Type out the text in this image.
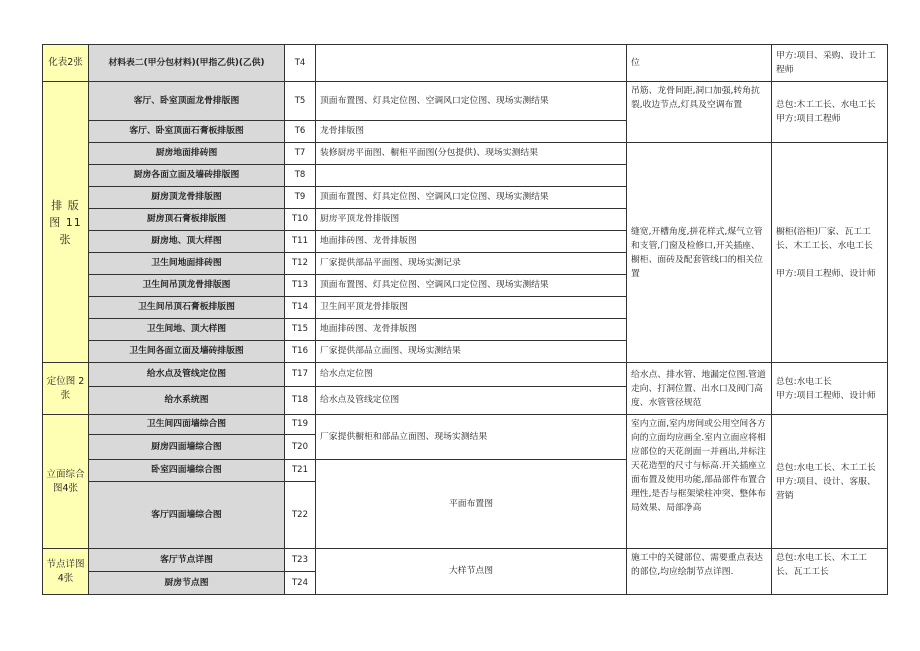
化表2张	材料表二(甲分包材料)(甲指乙供)(乙供)	T4		位	甲方:项目、采购、设计工程师
排 版 图 11 张	客厅、卧室顶面龙骨排版图	T5	顶面布置图、灯具定位图、空调风口定位图、现场实测结果	吊筋、龙骨间距,洞口加强,转角抗裂,收边节点,灯具及空调布置	总包:木工工长、水电工长
甲方:项目工程师

	客厅、卧室顶面石膏板排版图	T6	龙骨排版图		
	厨房地面排砖图	T7	装修厨房平面图、橱柜平面图(分包提供)、现场实测结果	缝宽,开槽角度,拼花样式,煤气立管和支管,门窗及检修口,开关插座、橱柜、面砖及配套管线口的相关位置	橱柜(浴柜)厂家、瓦工工长、木工工长、水电工长
甲方:项目工程师、设计师

	厨房各面立面及墙砖排版图	T8			
	厨房顶龙骨排版图	T9	顶面布置图、灯具定位图、空调风口定位图、现场实测结果		
	厨房顶石膏板排版图	T10	厨房平顶龙骨排版图		
	厨房地、顶大样图	T11	地面排砖图、龙骨排版图		
	卫生间地面排砖图	T12	厂家提供部品平面图、现场实测记录		
	卫生间吊顶龙骨排版图	T13	顶面布置图、灯具定位图、空调风口定位图、现场实测结果		
	卫生间吊顶石膏板排版图	T14	卫生间平顶龙骨排版图		
	卫生间地、顶大样图	T15	地面排砖图、龙骨排版图		
	卫生间各面立面及墙砖排版图	T16	厂家提供部品立面图、现场实测结果		
定位图 2张	给水点及管线定位图	T17	给水点定位图	给水点、排水管、地漏定位图.管道走向、打洞位置、出水口及阀门高度、水管管径规范	总包:水电工长
甲方:项目工程师、设计师

	给水系统图	T18	给水点及管线定位图		
立面综合图4张	卫生间四面墙综合图	T19	厂家提供橱柜和部品立面图、现场实测结果	室内立面,室内房间或公用空间各方向的立面均应画全.室内立面应将相应部位的天花剖面一并画出,并标注天花造型的尺寸与标高.开关插座立面布置及使用功能,部品部件布置合理性,是否与框架梁柱冲突、整体布局效果、局部净高	总包:水电工长、木工工长
甲方:项目、设计、客服、营销

	厨房四面墙综合图	T20			
	卧室四面墙综合图	T21	平面布置图		
	客厅四面墙综合图	T22			
节点详图4张	客厅节点详图	T23	大样节点图	施工中的关键部位、需要重点表达的部位,均应绘制节点详图.	总包:水电工长、木工工长、瓦工工长
	厨房节点图	T24			
